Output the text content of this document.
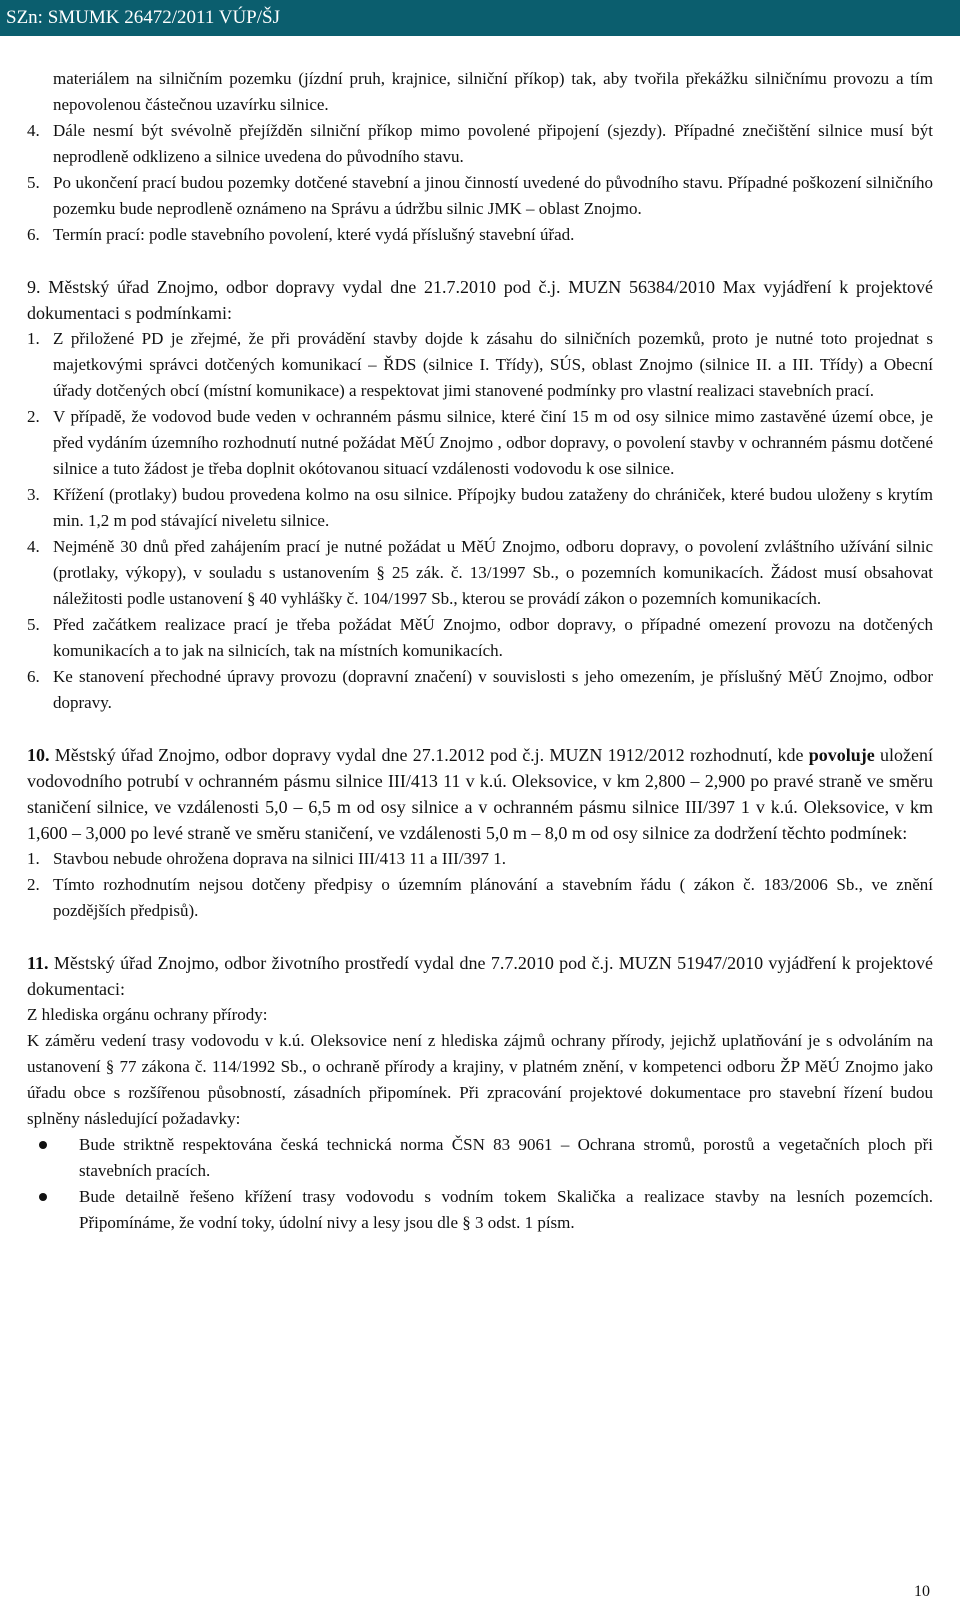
SZn: SMUMK 26472/2011 VÚP/ŠJ

materiálem na silničním pozemku (jízdní pruh, krajnice, silniční příkop) tak, aby tvořila překážku silničnímu provozu a tím nepovolenou částečnou uzavírku silnice.

4. Dále nesmí být svévolně přejížděn silniční příkop mimo povolené připojení (sjezdy). Případné znečištění silnice musí být neprodleně odklizeno a silnice uvedena do původního stavu.
5. Po ukončení prací budou pozemky dotčené stavební a jinou činností uvedené do původního stavu. Případné poškození silničního pozemku bude neprodleně oznámeno na Správu a údržbu silnic JMK – oblast Znojmo.
6. Termín prací: podle stavebního povolení, které vydá příslušný stavební úřad.

9. Městský úřad Znojmo, odbor dopravy vydal dne 21.7.2010 pod č.j. MUZN 56384/2010 Max vyjádření k projektové dokumentaci s podmínkami:

1. Z přiložené PD je zřejmé, že při provádění stavby dojde k zásahu do silničních pozemků, proto je nutné toto projednat s majetkovými správci dotčených komunikací – ŘDS (silnice I. Třídy), SÚS, oblast Znojmo (silnice II. a III. Třídy) a Obecní úřady dotčených obcí (místní komunikace) a respektovat jimi stanovené podmínky pro vlastní realizaci stavebních prací.
2. V případě, že vodovod bude veden v ochranném pásmu silnice, které činí 15 m od osy silnice mimo zastavěné území obce, je před vydáním územního rozhodnutí nutné požádat MěÚ Znojmo , odbor dopravy, o povolení stavby v ochranném pásmu dotčené silnice a tuto žádost je třeba doplnit okótovanou situací vzdálenosti vodovodu k ose silnice.
3. Křížení (protlaky) budou provedena kolmo na osu silnice. Přípojky budou zataženy do chrániček, které budou uloženy s krytím min. 1,2 m pod stávající niveletu silnice.
4. Nejméně 30 dnů před zahájením prací je nutné požádat u MěÚ Znojmo, odboru dopravy, o povolení zvláštního užívání silnic (protlaky, výkopy), v souladu s ustanovením § 25 zák. č. 13/1997 Sb., o pozemních komunikacích. Žádost musí obsahovat náležitosti podle ustanovení § 40 vyhlášky č. 104/1997 Sb., kterou se provádí zákon o pozemních komunikacích.
5. Před začátkem realizace prací je třeba požádat MěÚ Znojmo, odbor dopravy, o případné omezení provozu na dotčených komunikacích a to jak na silnicích, tak na místních komunikacích.
6. Ke stanovení přechodné úpravy provozu (dopravní značení) v souvislosti s jeho omezením, je příslušný MěÚ Znojmo, odbor dopravy.

10. Městský úřad Znojmo, odbor dopravy vydal dne 27.1.2012 pod č.j. MUZN 1912/2012 rozhodnutí, kde povoluje uložení vodovodního potrubí v ochranném pásmu silnice III/413 11 v k.ú. Oleksovice, v km 2,800 – 2,900 po pravé straně ve směru staničení silnice, ve vzdálenosti 5,0 – 6,5 m od osy silnice a v ochranném pásmu silnice III/397 1 v k.ú. Oleksovice, v km 1,600 – 3,000 po levé straně ve směru staničení, ve vzdálenosti 5,0 m – 8,0 m od osy silnice za dodržení těchto podmínek:

1. Stavbou nebude ohrožena doprava na silnici III/413 11 a III/397 1.
2. Tímto rozhodnutím nejsou dotčeny předpisy o územním plánování a stavebním řádu ( zákon č. 183/2006 Sb., ve znění pozdějších předpisů).

11. Městský úřad Znojmo, odbor životního prostředí vydal dne 7.7.2010 pod č.j. MUZN 51947/2010 vyjádření k projektové dokumentaci:

Z hlediska orgánu ochrany přírody:

K záměru vedení trasy vodovodu v k.ú. Oleksovice není z hlediska zájmů ochrany přírody, jejichž uplatňování je s odvoláním na ustanovení § 77 zákona č. 114/1992 Sb., o ochraně přírody a krajiny, v platném znění, v kompetenci odboru ŽP MěÚ Znojmo jako úřadu obce s rozšířenou působností, zásadních připomínek. Při zpracování projektové dokumentace pro stavební řízení budou splněny následující požadavky:

Bude striktně respektována česká technická norma ČSN 83 9061 – Ochrana stromů, porostů a vegetačních ploch při stavebních pracích.
Bude detailně řešeno křížení trasy vodovodu s vodním tokem Skalička a realizace stavby na lesních pozemcích. Připomínáme, že vodní toky, údolní nivy a lesy jsou dle § 3 odst. 1 písm.
10
